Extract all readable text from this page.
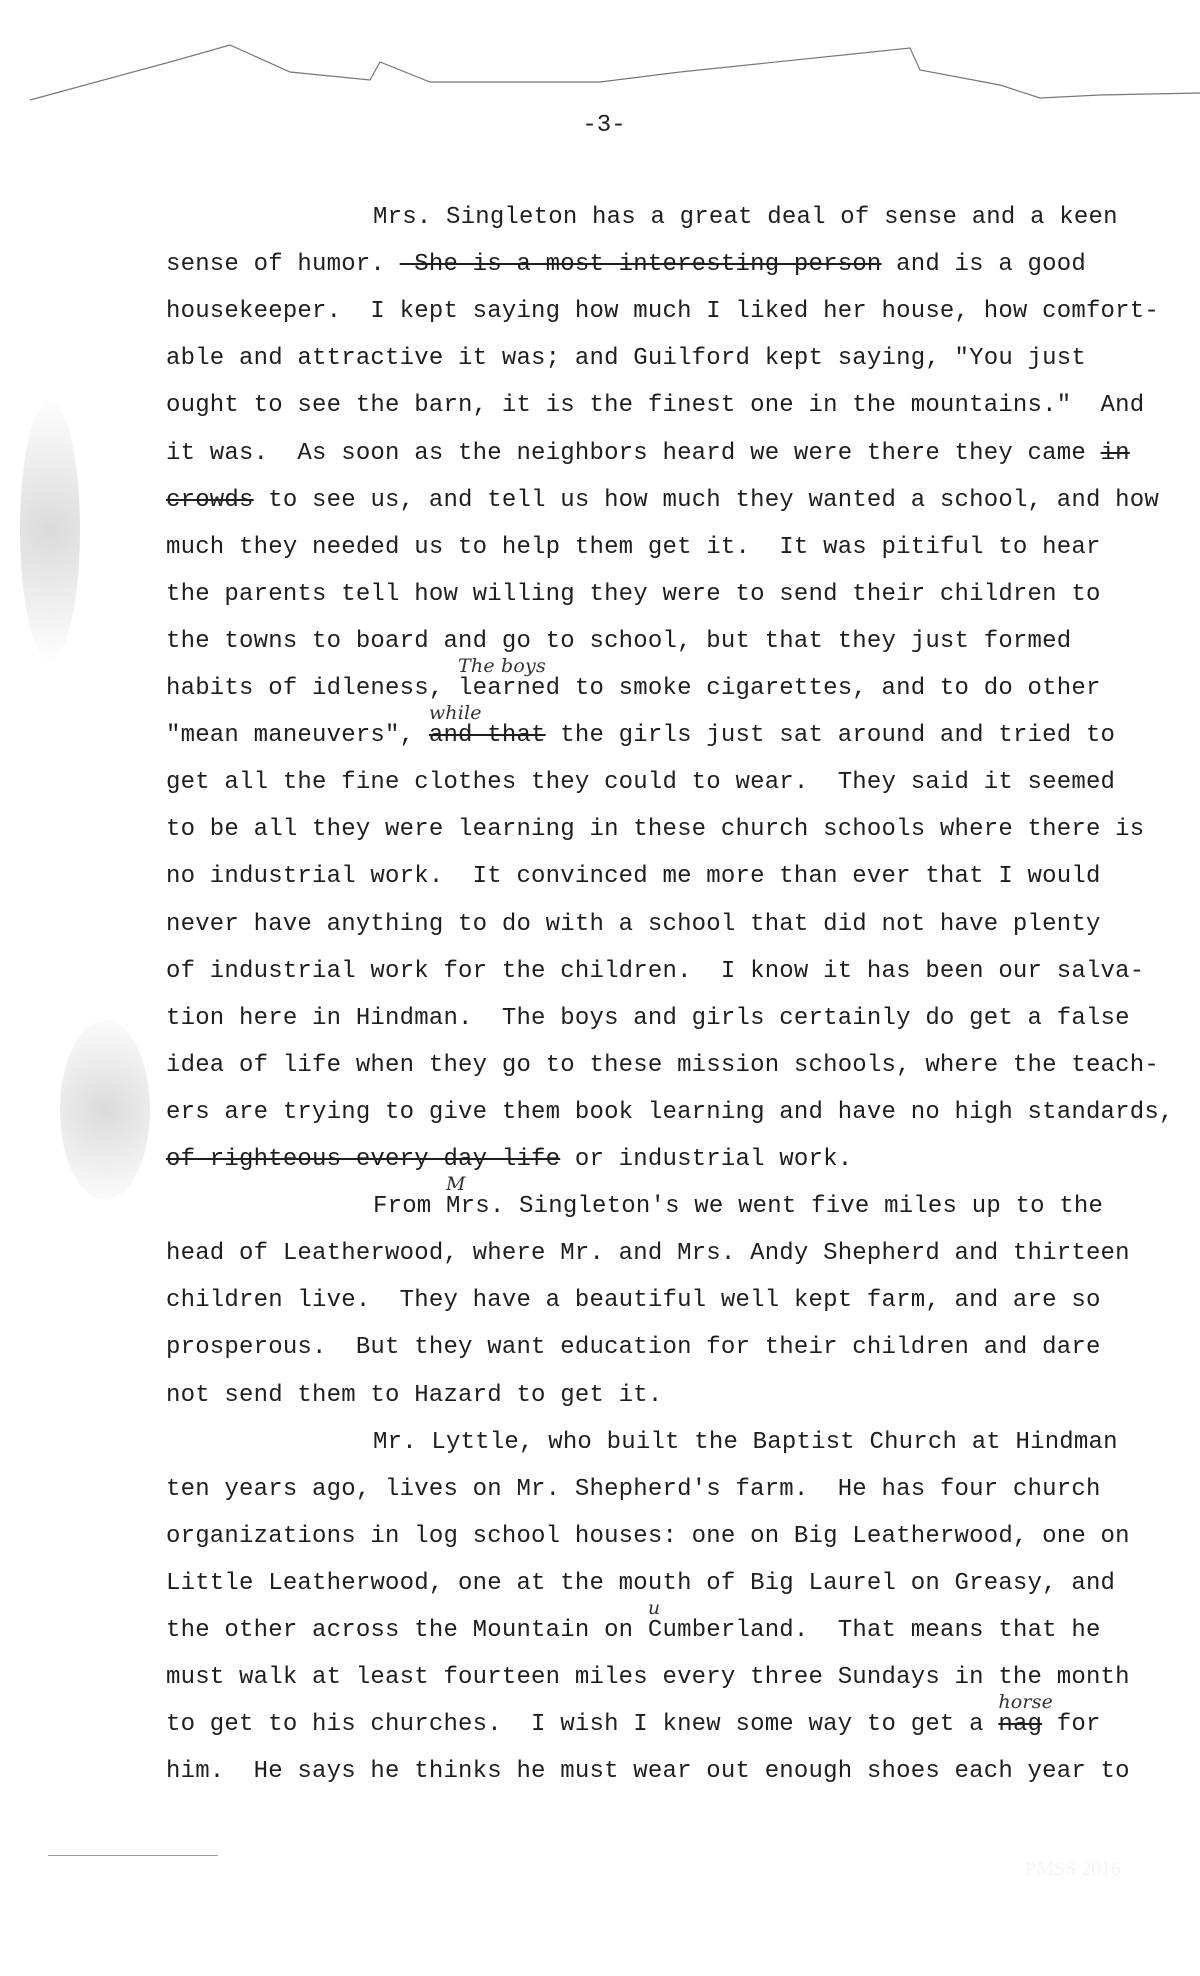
-3-
Mrs. Singleton has a great deal of sense and a keen
sense of humor.  She is a most interesting person and is a good
housekeeper.  I kept saying how much I liked her house, how comfort-
able and attractive it was; and Guilford kept saying, "You just
ought to see the barn, it is the finest one in the mountains."  And
it was.  As soon as the neighbors heard we were there they came in
crowds to see us, and tell us how much they wanted a school, and how
much they needed us to help them get it.  It was pitiful to hear
the parents tell how willing they were to send their children to
the towns to board and go to school, but that they just formed
habits of idleness,
The boys
learned to smoke cigarettes, and to do other
"mean maneuvers",
while
and that the girls just sat around and tried to
get all the fine clothes they could to wear.  They said it seemed
to be all they were learning in these church schools where there is
no industrial work.  It convinced me more than ever that I would
never have anything to do with a school that did not have plenty
of industrial work for the children.  I know it has been our salva-
tion here in Hindman.  The boys and girls certainly do get a false
idea of life when they go to these mission schools, where the teach-
ers are trying to give them book learning and have no high standards,
of righteous every day life or industrial work.
From
M
Mrs. Singleton's we went five miles up to the
head of Leatherwood, where Mr. and Mrs. Andy Shepherd and thirteen
children live.  They have a beautiful well kept farm, and are so
prosperous.  But they want education for their children and dare
not send them to Hazard to get it.
Mr. Lyttle, who built the Baptist Church at Hindman
ten years ago, lives on Mr. Shepherd's farm.  He has four church
organizations in log school houses: one on Big Leatherwood, one on
Little Leatherwood, one at the mouth of Big Laurel on Greasy, and
the other across the Mountain on
u
Cumberland.  That means that he
must walk at least fourteen miles every three Sundays in the month
to get to his churches.  I wish I knew some way to get a
horse
nag for
him.  He says he thinks he must wear out enough shoes each year to
PMSS 2016
